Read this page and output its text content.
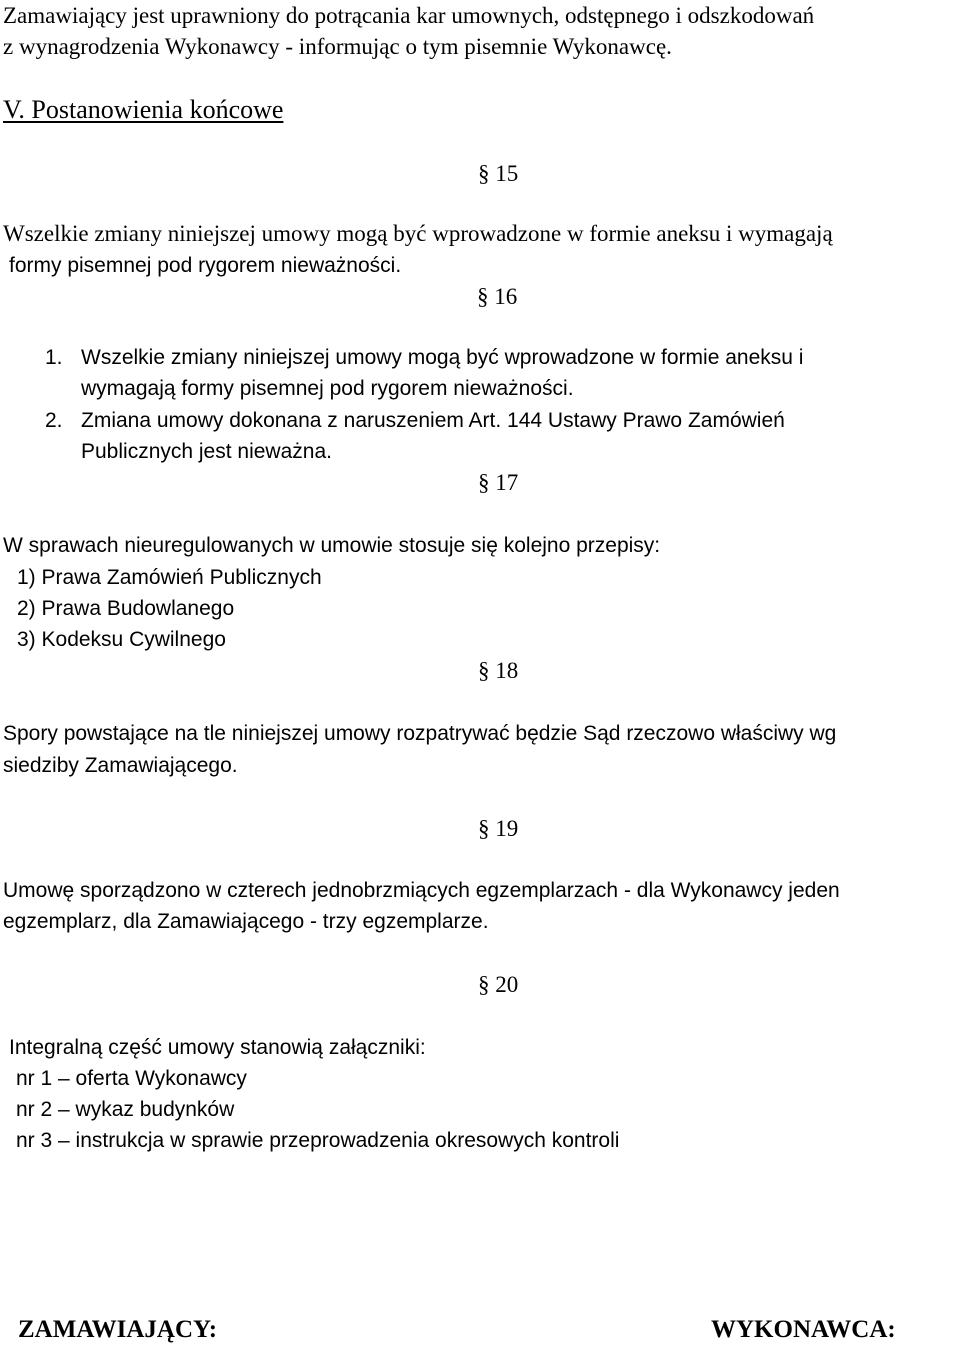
Zamawiający jest uprawniony do potrącania kar umownych, odstępnego i odszkodowań
z wynagrodzenia Wykonawcy - informując o tym pisemnie Wykonawcę.
V. Postanowienia końcowe
§ 15
Wszelkie zmiany niniejszej umowy mogą być wprowadzone w formie aneksu i wymagają
formy pisemnej pod rygorem nieważności.
§ 16
1. Wszelkie zmiany niniejszej umowy mogą być wprowadzone w formie aneksu i
wymagają formy pisemnej pod rygorem nieważności.
2. Zmiana umowy dokonana z naruszeniem Art. 144 Ustawy Prawo Zamówień
Publicznych jest nieważna.
§ 17
W sprawach nieuregulowanych w umowie stosuje się kolejno przepisy:
1) Prawa Zamówień Publicznych
2) Prawa Budowlanego
3) Kodeksu Cywilnego
§ 18
Spory powstające na tle niniejszej umowy rozpatrywać będzie Sąd rzeczowo właściwy wg
siedziby Zamawiającego.
§ 19
Umowę sporządzono w czterech jednobrzmiących egzemplarzach - dla Wykonawcy jeden
egzemplarz, dla Zamawiającego - trzy egzemplarze.
§ 20
Integralną część umowy stanowią załączniki:
nr 1 – oferta Wykonawcy
nr 2 – wykaz budynków
nr 3 – instrukcja w sprawie przeprowadzenia okresowych kontroli
ZAMAWIAJĄCY:	WYKONAWCA:
